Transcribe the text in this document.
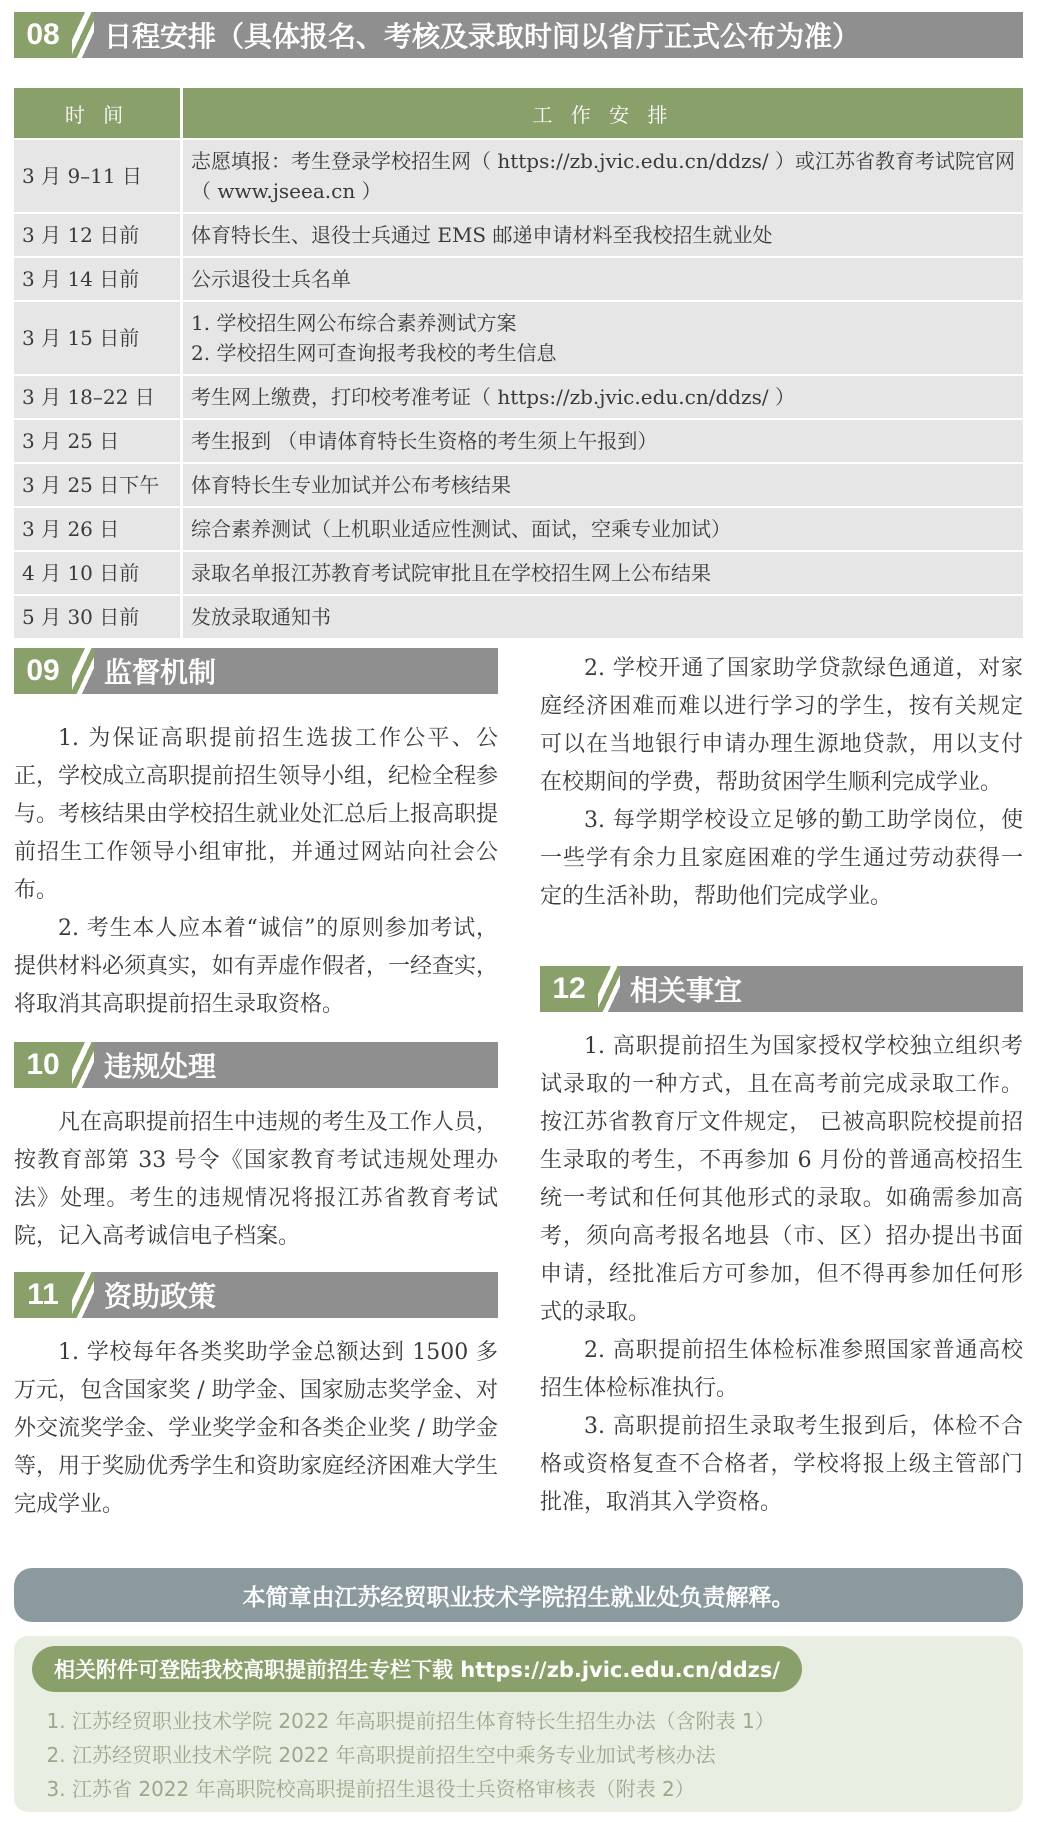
08	日程安排（具体报名、考核及录取时间以省厅正式公布为准）
时 间	工 作 安 排
3 月 9–11 日	志愿填报：考生登录学校招生网（ https://zb.jvic.edu.cn/ddzs/ ）或江苏省教育考试院官网（ www.jseea.cn ）
3 月 12 日前	体育特长生、退役士兵通过 EMS 邮递申请材料至我校招生就业处
3 月 14 日前	公示退役士兵名单
3 月 15 日前	1. 学校招生网公布综合素养测试方案
2. 学校招生网可查询报考我校的考生信息
3 月 18–22 日	考生网上缴费，打印校考准考证（ https://zb.jvic.edu.cn/ddzs/ ）
3 月 25 日	考生报到 （申请体育特长生资格的考生须上午报到）
3 月 25 日下午	体育特长生专业加试并公布考核结果
3 月 26 日	综合素养测试（上机职业适应性测试、面试，空乘专业加试）
4 月 10 日前	录取名单报江苏教育考试院审批且在学校招生网上公布结果
5 月 30 日前	发放录取通知书
09	监督机制

1. 为保证高职提前招生选拔工作公平、公正，学校成立高职提前招生领导小组，纪检全程参与。考核结果由学校招生就业处汇总后上报高职提前招生工作领导小组审批，并通过网站向社会公布。

2. 考生本人应本着“诚信”的原则参加考试，提供材料必须真实，如有弄虚作假者，一经查实，将取消其高职提前招生录取资格。

10	违规处理

凡在高职提前招生中违规的考生及工作人员，按教育部第 33 号令《国家教育考试违规处理办法》处理。考生的违规情况将报江苏省教育考试院，记入高考诚信电子档案。

11	资助政策

1. 学校每年各类奖助学金总额达到 1500 多万元，包含国家奖 / 助学金、国家励志奖学金、对外交流奖学金、学业奖学金和各类企业奖 / 助学金等，用于奖励优秀学生和资助家庭经济困难大学生完成学业。

2. 学校开通了国家助学贷款绿色通道，对家庭经济困难而难以进行学习的学生，按有关规定可以在当地银行申请办理生源地贷款，用以支付在校期间的学费，帮助贫困学生顺利完成学业。

3. 每学期学校设立足够的勤工助学岗位，使一些学有余力且家庭困难的学生通过劳动获得一定的生活补助，帮助他们完成学业。

12	相关事宜

1. 高职提前招生为国家授权学校独立组织考试录取的一种方式，且在高考前完成录取工作。按江苏省教育厅文件规定， 已被高职院校提前招生录取的考生，不再参加 6 月份的普通高校招生统一考试和任何其他形式的录取。如确需参加高考，须向高考报名地县（市、区）招办提出书面申请，经批准后方可参加，但不得再参加任何形式的录取。

2. 高职提前招生体检标准参照国家普通高校招生体检标准执行。

3. 高职提前招生录取考生报到后，体检不合格或资格复查不合格者，学校将报上级主管部门批准，取消其入学资格。

本简章由江苏经贸职业技术学院招生就业处负责解释。
相关附件可登陆我校高职提前招生专栏下载 https://zb.jvic.edu.cn/ddzs/
1. 江苏经贸职业技术学院 2022 年高职提前招生体育特长生招生办法（含附表 1）
2. 江苏经贸职业技术学院 2022 年高职提前招生空中乘务专业加试考核办法
3. 江苏省 2022 年高职院校高职提前招生退役士兵资格审核表（附表 2）
